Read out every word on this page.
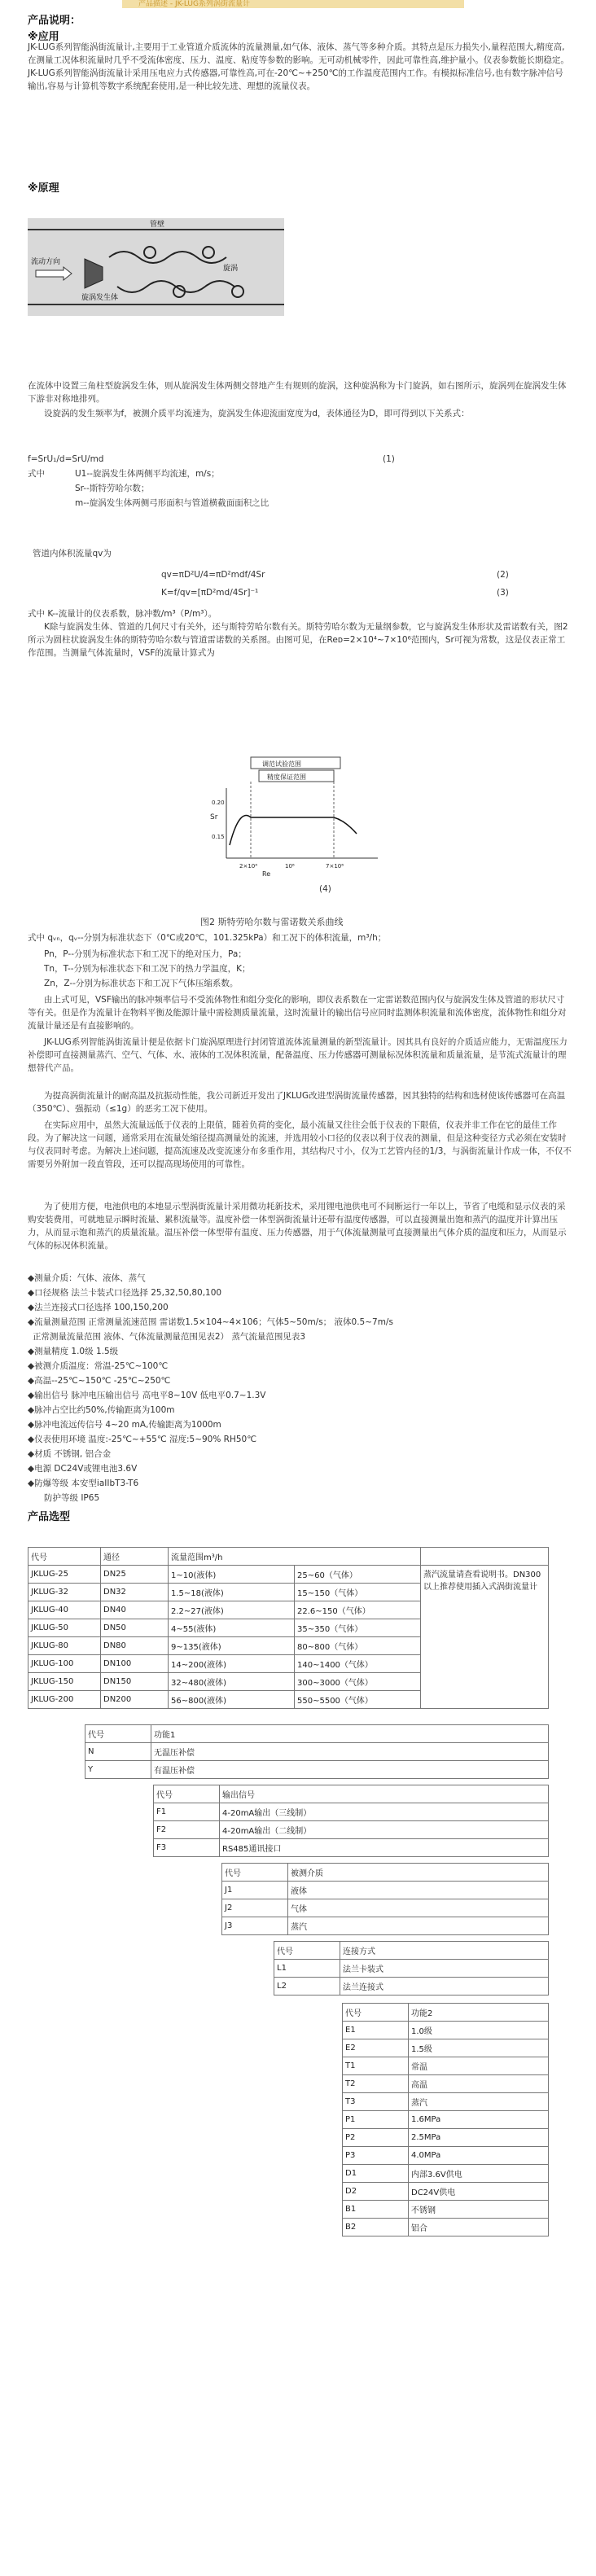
产品描述 - JK-LUG系列涡街流量计
产品说明：
※应用

JK-LUG系列智能涡街流量计,主要用于工业管道介质流体的流量测量,如气体、液体、蒸气等多种介质。其特点是压力损失小,量程范围大,精度高,在测量工况体积流量时几乎不受流体密度、压力、温度、粘度等参数的影响。无可动机械零件，因此可靠性高,维护量小。仪表参数能长期稳定。JK-LUG系列智能涡街流量计采用压电应力式传感器,可靠性高,可在-20℃~+250℃的工作温度范围内工作。有模拟标准信号,也有数字脉冲信号输出,容易与计算机等数字系统配套使用,是一种比较先进、理想的流量仪表。

※原理
管壁
流动方向
旋涡发生体
旋涡

在流体中设置三角柱型旋涡发生体，则从旋涡发生体两侧交替地产生有规则的旋涡，这种旋涡称为卡门旋涡，如右图所示，旋涡列在旋涡发生体下游非对称地排列。

设旋涡的发生频率为f，被测介质平均流速为，旋涡发生体迎流面宽度为d，表体通径为D，即可得到以下关系式：

f=SrU₁/d=SrU/md	(1)
式中	U1--旋涡发生体两侧平均流速，m/s；
Sr--斯特劳哈尔数；
m--旋涡发生体两侧弓形面积与管道横截面面积之比
管道内体积流量qv为
qv=πD²U/4=πD²mdf/4Sr	(2)
K=f/qv=[πD²md/4Sr]⁻¹	(3)
式中 K--流量计的仪表系数，脉冲数/m³（P/m³）。

K除与旋涡发生体、管道的几何尺寸有关外，还与斯特劳哈尔数有关。斯特劳哈尔数为无量纲参数，它与旋涡发生体形状及雷诺数有关，图2所示为圆柱状旋涡发生体的斯特劳哈尔数与管道雷诺数的关系图。由图可见，在Reᴅ=2×10⁴~7×10⁶范围内，Sr可视为常数，这是仪表正常工作范围。当测量气体流量时，VSF的流量计算式为

调范试验范围
精度保证范围
Sr
0.20
0.15
2×10⁴	10⁶	7×10⁶
Re
(4)
图2 斯特劳哈尔数与雷诺数关系曲线
式中 qᵥₙ，qᵥ--分别为标准状态下（0℃或20℃，101.325kPa）和工况下的体积流量，m³/h；
Pn，P--分别为标准状态下和工况下的绝对压力，Pa；
Tn，T--分别为标准状态下和工况下的热力学温度，K；
Zn，Z--分别为标准状态下和工况下气体压缩系数。

由上式可见，VSF输出的脉冲频率信号不受流体物性和组分变化的影响，即仪表系数在一定雷诺数范围内仅与旋涡发生体及管道的形状尺寸等有关。但是作为流量计在物料平衡及能源计量中需检测质量流量，这时流量计的输出信号应同时监测体积流量和流体密度，流体物性和组分对流量计量还是有直接影响的。

JK-LUG系列智能涡街流量计便是依据卡门旋涡原理进行封闭管道流体流量测量的新型流量计。因其具有良好的介质适应能力，无需温度压力补偿即可直接测量蒸汽、空气、气体、水、液体的工况体积流量，配备温度、压力传感器可测量标况体积流量和质量流量，是节流式流量计的理想替代产品。

为提高涡街流量计的耐高温及抗振动性能，我公司新近开发出了JKLUG改进型涡街流量传感器，因其独特的结构和选材使该传感器可在高温（350℃）、强振动（≤1g）的恶劣工况下使用。

在实际应用中，虽然大流量远低于仪表的上限值，随着负荷的变化，最小流量又往往会低于仪表的下限值，仪表并非工作在它的最佳工作段。为了解决这一问题，通常采用在流量处缩径提高测量处的流速，并选用较小口径的仪表以利于仪表的测量，但是这种变径方式必须在安装时与仪表同时考虑。为解决上述问题，提高流速及改变流速分布多重作用，其结构尺寸小，仅为工艺管内径的1/3，与涡街流量计作成一体，不仅不需要另外附加一段直管段，还可以提高现场使用的可靠性。

为了使用方便，电池供电的本地显示型涡街流量计采用微功耗新技术，采用锂电池供电可不间断运行一年以上，节省了电缆和显示仪表的采购安装费用，可就地显示瞬时流量、累积流量等。温度补偿一体型涡街流量计还带有温度传感器，可以直接测量出饱和蒸汽的温度并计算出压力，从而显示饱和蒸汽的质量流量。温压补偿一体型带有温度、压力传感器，用于气体流量测量可直接测量出气体介质的温度和压力，从而显示气体的标况体积流量。

◆测量介质：气体、液体、蒸气
◆口径规格 法兰卡装式口径选择 25,32,50,80,100
◆法兰连接式口径选择 100,150,200
◆流量测量范围 正常测量流速范围 雷诺数1.5×104~4×106；气体5~50m/s； 液体0.5~7m/s
正常测量流量范围 液体、气体流量测量范围见表2） 蒸气流量范围见表3
◆测量精度 1.0级 1.5级
◆被测介质温度：常温-25℃~100℃
◆高温--25℃~150℃ -25℃~250℃
◆输出信号 脉冲电压输出信号 高电平8~10V 低电平0.7~1.3V
◆脉冲占空比约50%,传输距离为100m
◆脉冲电流远传信号 4~20 mA,传输距离为1000m
◆仪表使用环境 温度:-25℃~+55℃ 湿度:5~90% RH50℃
◆材质 不锈钢, 铝合金
◆电源 DC24V或锂电池3.6V
◆防爆等级 本安型iaIIbT3-T6
防护等级 IP65
产品选型
代号	通径	流量范围m³/h		
JKLUG-25	DN25	1~10(液体)	25~60（气体）	蒸汽流量请查看说明书。DN300以上推荐使用插入式涡街流量计
JKLUG-32	DN32	1.5~18(液体)	15~150（气体）	
JKLUG-40	DN40	2.2~27(液体)	22.6~150（气体）	
JKLUG-50	DN50	4~55(液体)	35~350（气体）	
JKLUG-80	DN80	9~135(液体)	80~800（气体）	
JKLUG-100	DN100	14~200(液体)	140~1400（气体）	
JKLUG-150	DN150	32~480(液体)	300~3000（气体）	
JKLUG-200	DN200	56~800(液体)	550~5500（气体）	
代号	功能1
N	无温压补偿
Y	有温压补偿
代号	输出信号
F1	4-20mA输出（三线制）
F2	4-20mA输出（二线制）
F3	RS485通讯接口
代号	被测介质
J1	液体
J2	气体
J3	蒸汽
代号	连接方式
L1	法兰卡装式
L2	法兰连接式
代号	功能2
E1	1.0级
E2	1.5级
T1	常温
T2	高温
T3	蒸汽
P1	1.6MPa
P2	2.5MPa
P3	4.0MPa
D1	内部3.6V供电
D2	DC24V供电
B1	不锈钢
B2	铝合
